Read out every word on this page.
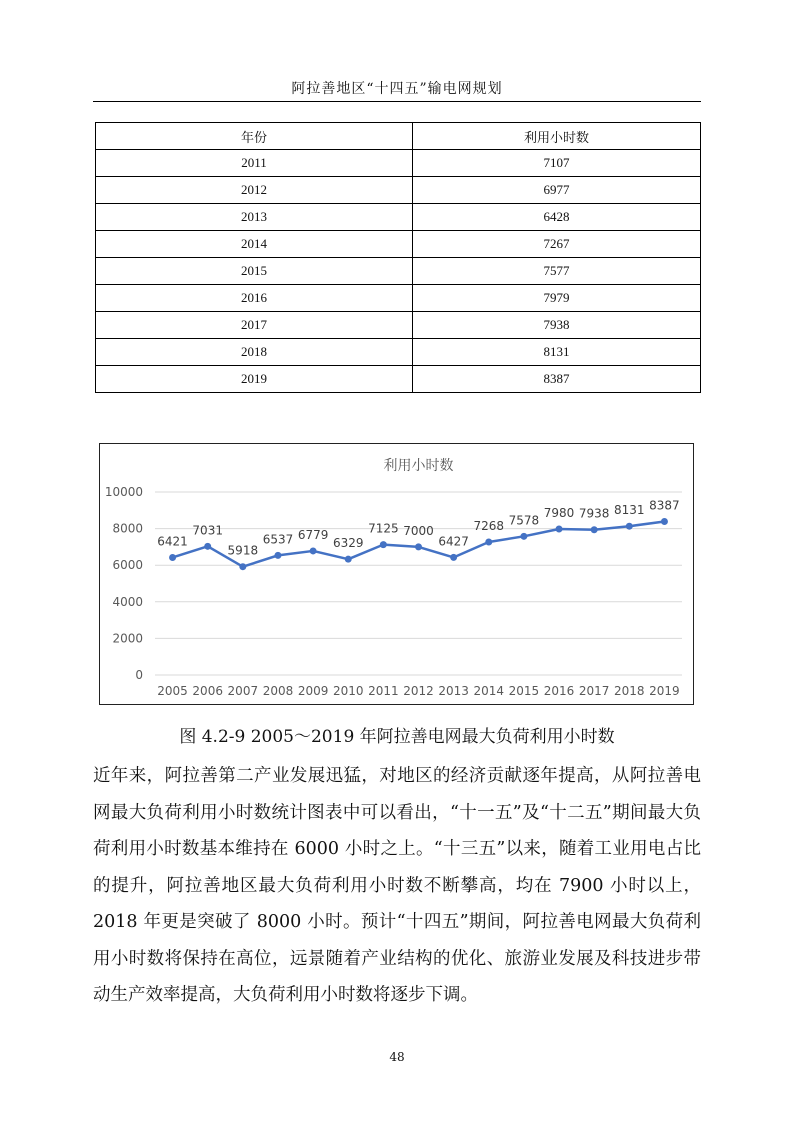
阿拉善地区“十四五”输电网规划
年份	利用小时数
2011	7107
2012	6977
2013	6428
2014	7267
2015	7577
2016	7979
2017	7938
2018	8131
2019	8387
利用小时数
0
2000
4000
6000
8000
10000
2005 2006 2007 2008 2009 2010 2011 2012 2013 2014 2015 2016 2017 2018 2019
6421
7031
5918
6537 6779
6329
7125 7000
6427
7268 7578
7980 7938 8131 8387
图 4.2-9 2005～2019 年阿拉善电网最大负荷利用小时数
近年来，阿拉善第二产业发展迅猛，对地区的经济贡献逐年提高，从阿拉善电网最大负荷利用小时数统计图表中可以看出，“十一五”及“十二五”期间最大负荷利用小时数基本维持在 6000 小时之上。“十三五”以来，随着工业用电占比的提升，阿拉善地区最大负荷利用小时数不断攀高，均在 7900 小时以上，2018 年更是突破了 8000 小时。预计“十四五”期间，阿拉善电网最大负荷利用小时数将保持在高位，远景随着产业结构的优化、旅游业发展及科技进步带动生产效率提高，大负荷利用小时数将逐步下调。
48
